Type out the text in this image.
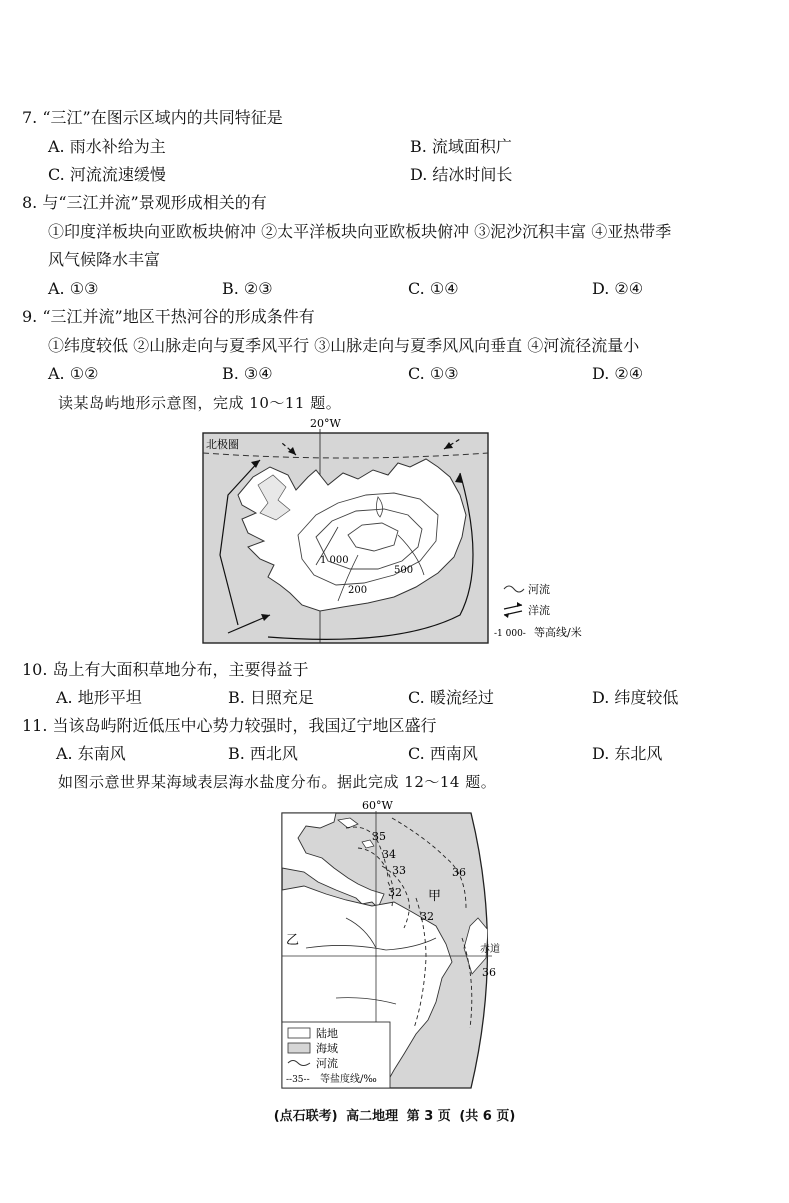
7. “三江”在图示区域内的共同特征是
A. 雨水补给为主	B. 流域面积广
C. 河流流速缓慢	D. 结冰时间长
8. 与“三江并流”景观形成相关的有
①印度洋板块向亚欧板块俯冲 ②太平洋板块向亚欧板块俯冲 ③泥沙沉积丰富 ④亚热带季
风气候降水丰富
A. ①③	B. ②③	C. ①④	D. ②④
9. “三江并流”地区干热河谷的形成条件有
①纬度较低 ②山脉走向与夏季风平行 ③山脉走向与夏季风风向垂直 ④河流径流量小
A. ①②	B. ③④	C. ①③	D. ②④
读某岛屿地形示意图，完成 10～11 题。
20°W
北极圈
1 000
500
200	河流
洋流
-1 000- 等高线/米
10. 岛上有大面积草地分布，主要得益于
A. 地形平坦	B. 日照充足	C. 暖流经过	D. 纬度较低
11. 当该岛屿附近低压中心势力较强时，我国辽宁地区盛行
A. 东南风	B. 西北风	C. 西南风	D. 东北风
如图示意世界某海域表层海水盐度分布。据此完成 12～14 题。
60°W
赤道
35
34
33
32
32
36
36
甲
乙
陆地
海域
河流
--35-- 等盐度线/‰
(点石联考) 高二地理 第 3 页 (共 6 页)
